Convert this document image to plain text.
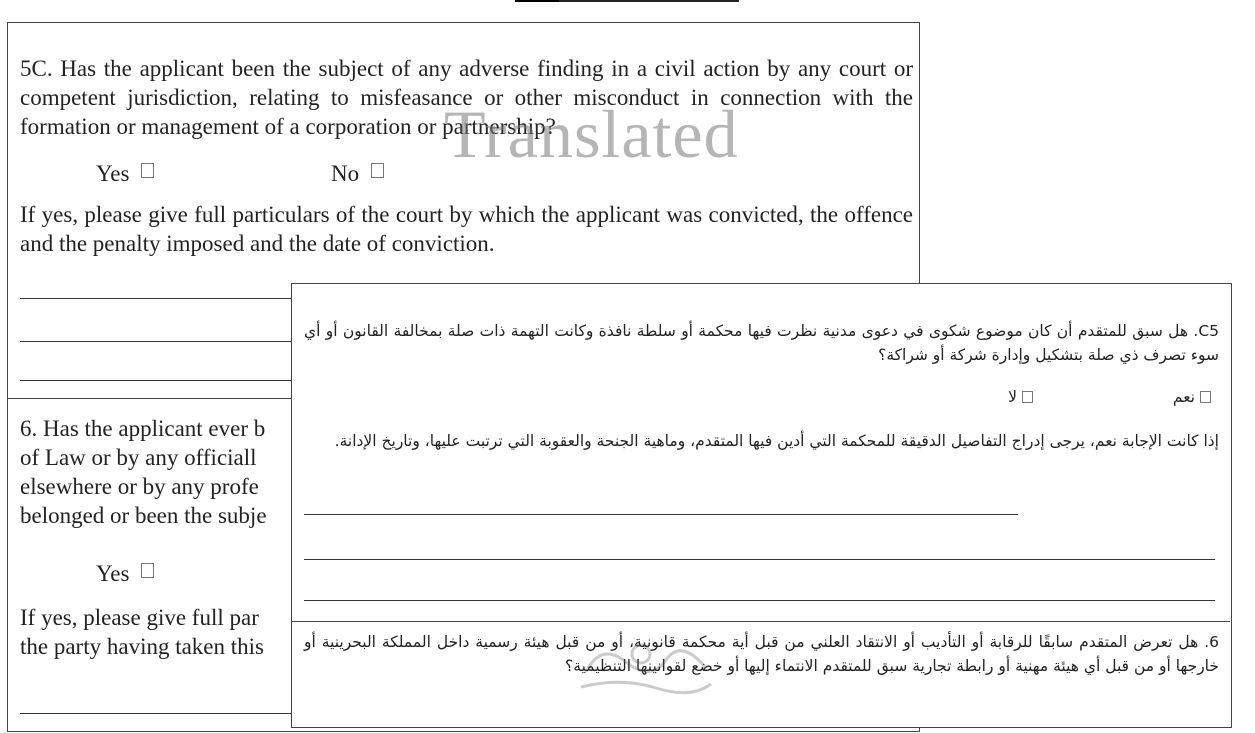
5C. Has the applicant been the subject of any adverse finding in a civil action by any court or competent jurisdiction, relating to misfeasance or other misconduct in connection with the formation or management of a corporation or partnership?
Yes	No
If yes, please give full particulars of the court by which the applicant was convicted, the offence and the penalty imposed and the date of conviction.
6. Has the applicant ever b
of Law or by any officiall
elsewhere or by any profe
belonged or been the subje
Yes
If yes, please give full par
the party having taken this
Translated
C5. هل سبق للمتقدم أن كان موضوع شكوى في دعوى مدنية نظرت فيها محكمة أو سلطة نافذة وكانت التهمة ذات صلة بمخالفة القانون أو أي سوء تصرف ذي صلة بتشكيل وإدارة شركة أو شراكة؟
نعم
لا
إذا كانت الإجابة نعم، يرجى إدراج التفاصيل الدقيقة للمحكمة التي أدين فيها المتقدم، وماهية الجنحة والعقوبة التي ترتبت عليها، وتاريخ الإدانة.
6. هل تعرض المتقدم سابقًا للرقابة أو التأديب أو الانتقاد العلني من قبل أية محكمة قانونية، أو من قبل هيئة رسمية داخل المملكة البحرينية أو خارجها أو من قبل أي هيئة مهنية أو رابطة تجارية سبق للمتقدم الانتماء إليها أو خضع لقوانينها التنظيمية؟
